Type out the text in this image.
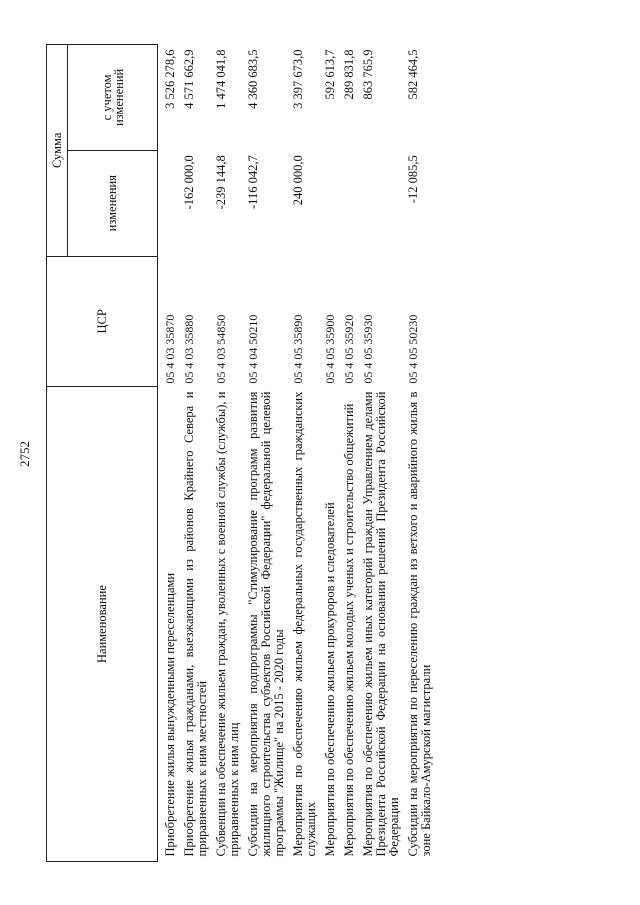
2752
Наименование	ЦСР	Сумма	
		изменения	с учетом изменений
Приобретение жилья вынужденными переселенцами	05 4 03 35870		3 526 278,6
Приобретение жилья гражданами, выезжающими из районов Крайнего Севера и приравненных к ним местностей	05 4 03 35880	-162 000,0	4 571 662,9
Субвенции на обеспечение жильем граждан, уволенных с военной службы (службы), и приравненных к ним лиц	05 4 03 54850	-239 144,8	1 474 041,8
Субсидии на мероприятия подпрограммы "Стимулирование программ развития жилищного строительства субъектов Российской Федерации" федеральной целевой программы "Жилище" на 2015 - 2020 годы	05 4 04 50210	-116 042,7	4 360 683,5
Мероприятия по обеспечению жильем федеральных государственных гражданских служащих	05 4 05 35890	240 000,0	3 397 673,0
Мероприятия по обеспечению жильем прокуроров и следователей	05 4 05 35900		592 613,7
Мероприятия по обеспечению жильем молодых ученых и строительство общежитий	05 4 05 35920		289 831,8
Мероприятия по обеспечению жильем иных категорий граждан Управлением делами Президента Российской Федерации на основании решений Президента Российской Федерации	05 4 05 35930		863 765,9
Субсидии на мероприятия по переселению граждан из ветхого и аварийного жилья в зоне Байкало-Амурской магистрали	05 4 05 50230	-12 085,5	582 464,5
